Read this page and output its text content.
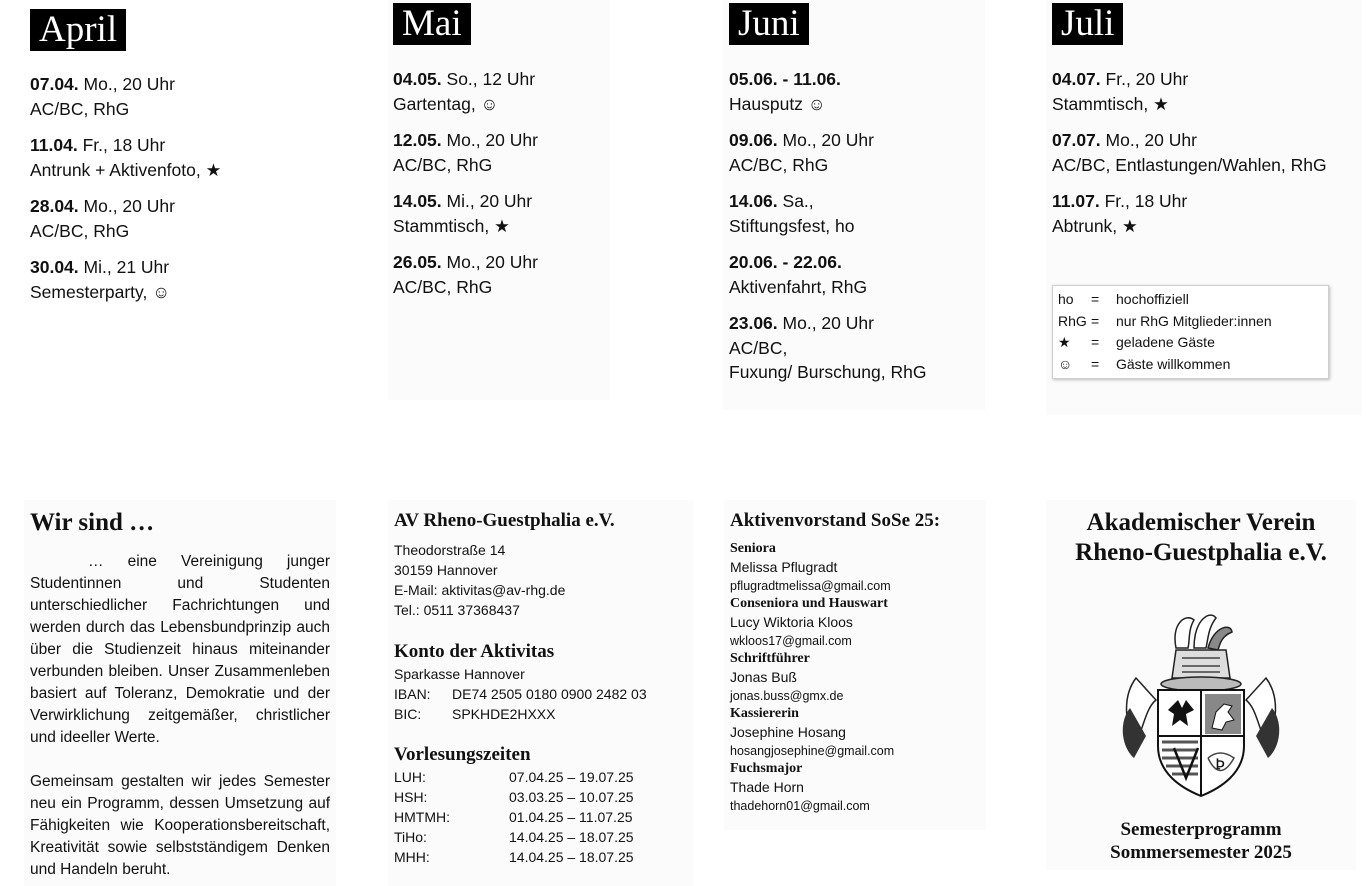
April
07.04. Mo., 20 Uhr
AC/BC, RhG
11.04. Fr., 18 Uhr
Antrunk + Aktivenfoto, ★
28.04. Mo., 20 Uhr
AC/BC, RhG
30.04. Mi., 21 Uhr
Semesterparty, ☺
Mai
04.05. So., 12 Uhr
Gartentag, ☺
12.05. Mo., 20 Uhr
AC/BC, RhG
14.05. Mi., 20 Uhr
Stammtisch, ★
26.05. Mo., 20 Uhr
AC/BC, RhG
Juni
05.06. - 11.06.
Hausputz ☺
09.06. Mo., 20 Uhr
AC/BC, RhG
14.06. Sa.,
Stiftungsfest, ho
20.06. - 22.06.
Aktivenfahrt, RhG
23.06. Mo., 20 Uhr
AC/BC,
Fuxung/ Burschung, RhG
Juli
04.07. Fr., 20 Uhr
Stammtisch, ★
07.07. Mo., 20 Uhr
AC/BC, Entlastungen/Wahlen, RhG
11.07. Fr., 18 Uhr
Abtrunk, ★
ho	=	hochoffiziell
RhG =	nur RhG Mitglieder:innen
★	=	geladene Gäste
☺	=	Gäste willkommen
Wir sind …

… eine Vereinigung junger Studentinnen und Studenten unterschiedlicher Fachrichtungen und werden durch das Lebensbundprinzip auch über die Studienzeit hinaus miteinander verbunden bleiben. Unser Zusammenleben basiert auf Toleranz, Demokratie und der Verwirklichung zeitgemäßer, christlicher und ideeller Werte.

Gemeinsam gestalten wir jedes Semester neu ein Programm, dessen Umsetzung auf Fähigkeiten wie Kooperationsbereitschaft, Kreativität sowie selbstständigem Denken und Handeln beruht.

AV Rheno-Guestphalia e.V.
Theodorstraße 14
30159 Hannover
E-Mail: aktivitas@av-rhg.de
Tel.: 0511 37368437
Konto der Aktivitas
Sparkasse Hannover
IBAN:	DE74 2505 0180 0900 2482 03
BIC:	SPKHDE2HXXX
Vorlesungszeiten
LUH:	07.04.25 – 19.07.25
HSH:	03.03.25 – 10.07.25
HMTMH:	01.04.25 – 11.07.25
TiHo:	14.04.25 – 18.07.25
MHH:	14.04.25 – 18.07.25
Aktivenvorstand SoSe 25:
Seniora
Melissa Pflugradt
pflugradtmelissa@gmail.com
Conseniora und Hauswart
Lucy Wiktoria Kloos
wkloos17@gmail.com
Schriftführer
Jonas Buß
jonas.buss@gmx.de
Kassiererin
Josephine Hosang
hosangjosephine@gmail.com
Fuchsmajor
Thade Horn
thadehorn01@gmail.com
Akademischer Verein
Rheno-Guestphalia e.V.
Ꝧ
Semesterprogramm
Sommersemester 2025
